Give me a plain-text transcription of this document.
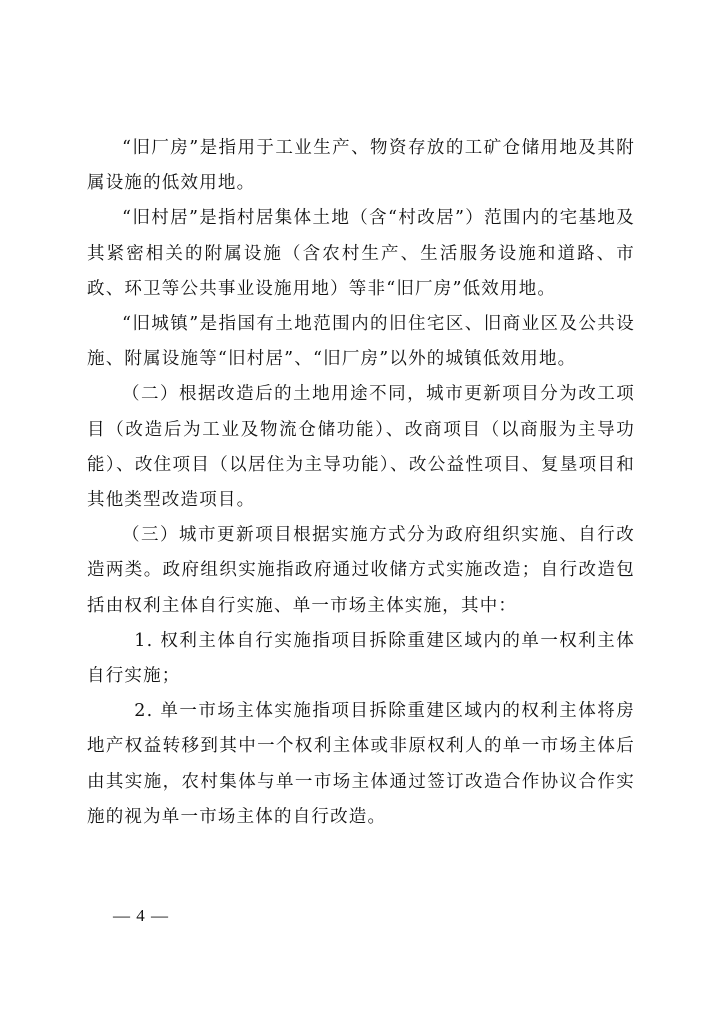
“旧厂房”是指用于工业生产、物资存放的工矿仓储用地及其附属设施的低效用地。

“旧村居”是指村居集体土地（含“村改居”）范围内的宅基地及其紧密相关的附属设施（含农村生产、生活服务设施和道路、市政、环卫等公共事业设施用地）等非“旧厂房”低效用地。

“旧城镇”是指国有土地范围内的旧住宅区、旧商业区及公共设施、附属设施等“旧村居”、“旧厂房”以外的城镇低效用地。

（二）根据改造后的土地用途不同，城市更新项目分为改工项目（改造后为工业及物流仓储功能）、改商项目（以商服为主导功能）、改住项目（以居住为主导功能）、改公益性项目、复垦项目和其他类型改造项目。

（三）城市更新项目根据实施方式分为政府组织实施、自行改造两类。政府组织实施指政府通过收储方式实施改造；自行改造包括由权利主体自行实施、单一市场主体实施，其中：

1. 权利主体自行实施指项目拆除重建区域内的单一权利主体自行实施；

2. 单一市场主体实施指项目拆除重建区域内的权利主体将房地产权益转移到其中一个权利主体或非原权利人的单一市场主体后由其实施，农村集体与单一市场主体通过签订改造合作协议合作实施的视为单一市场主体的自行改造。

— 4 —
